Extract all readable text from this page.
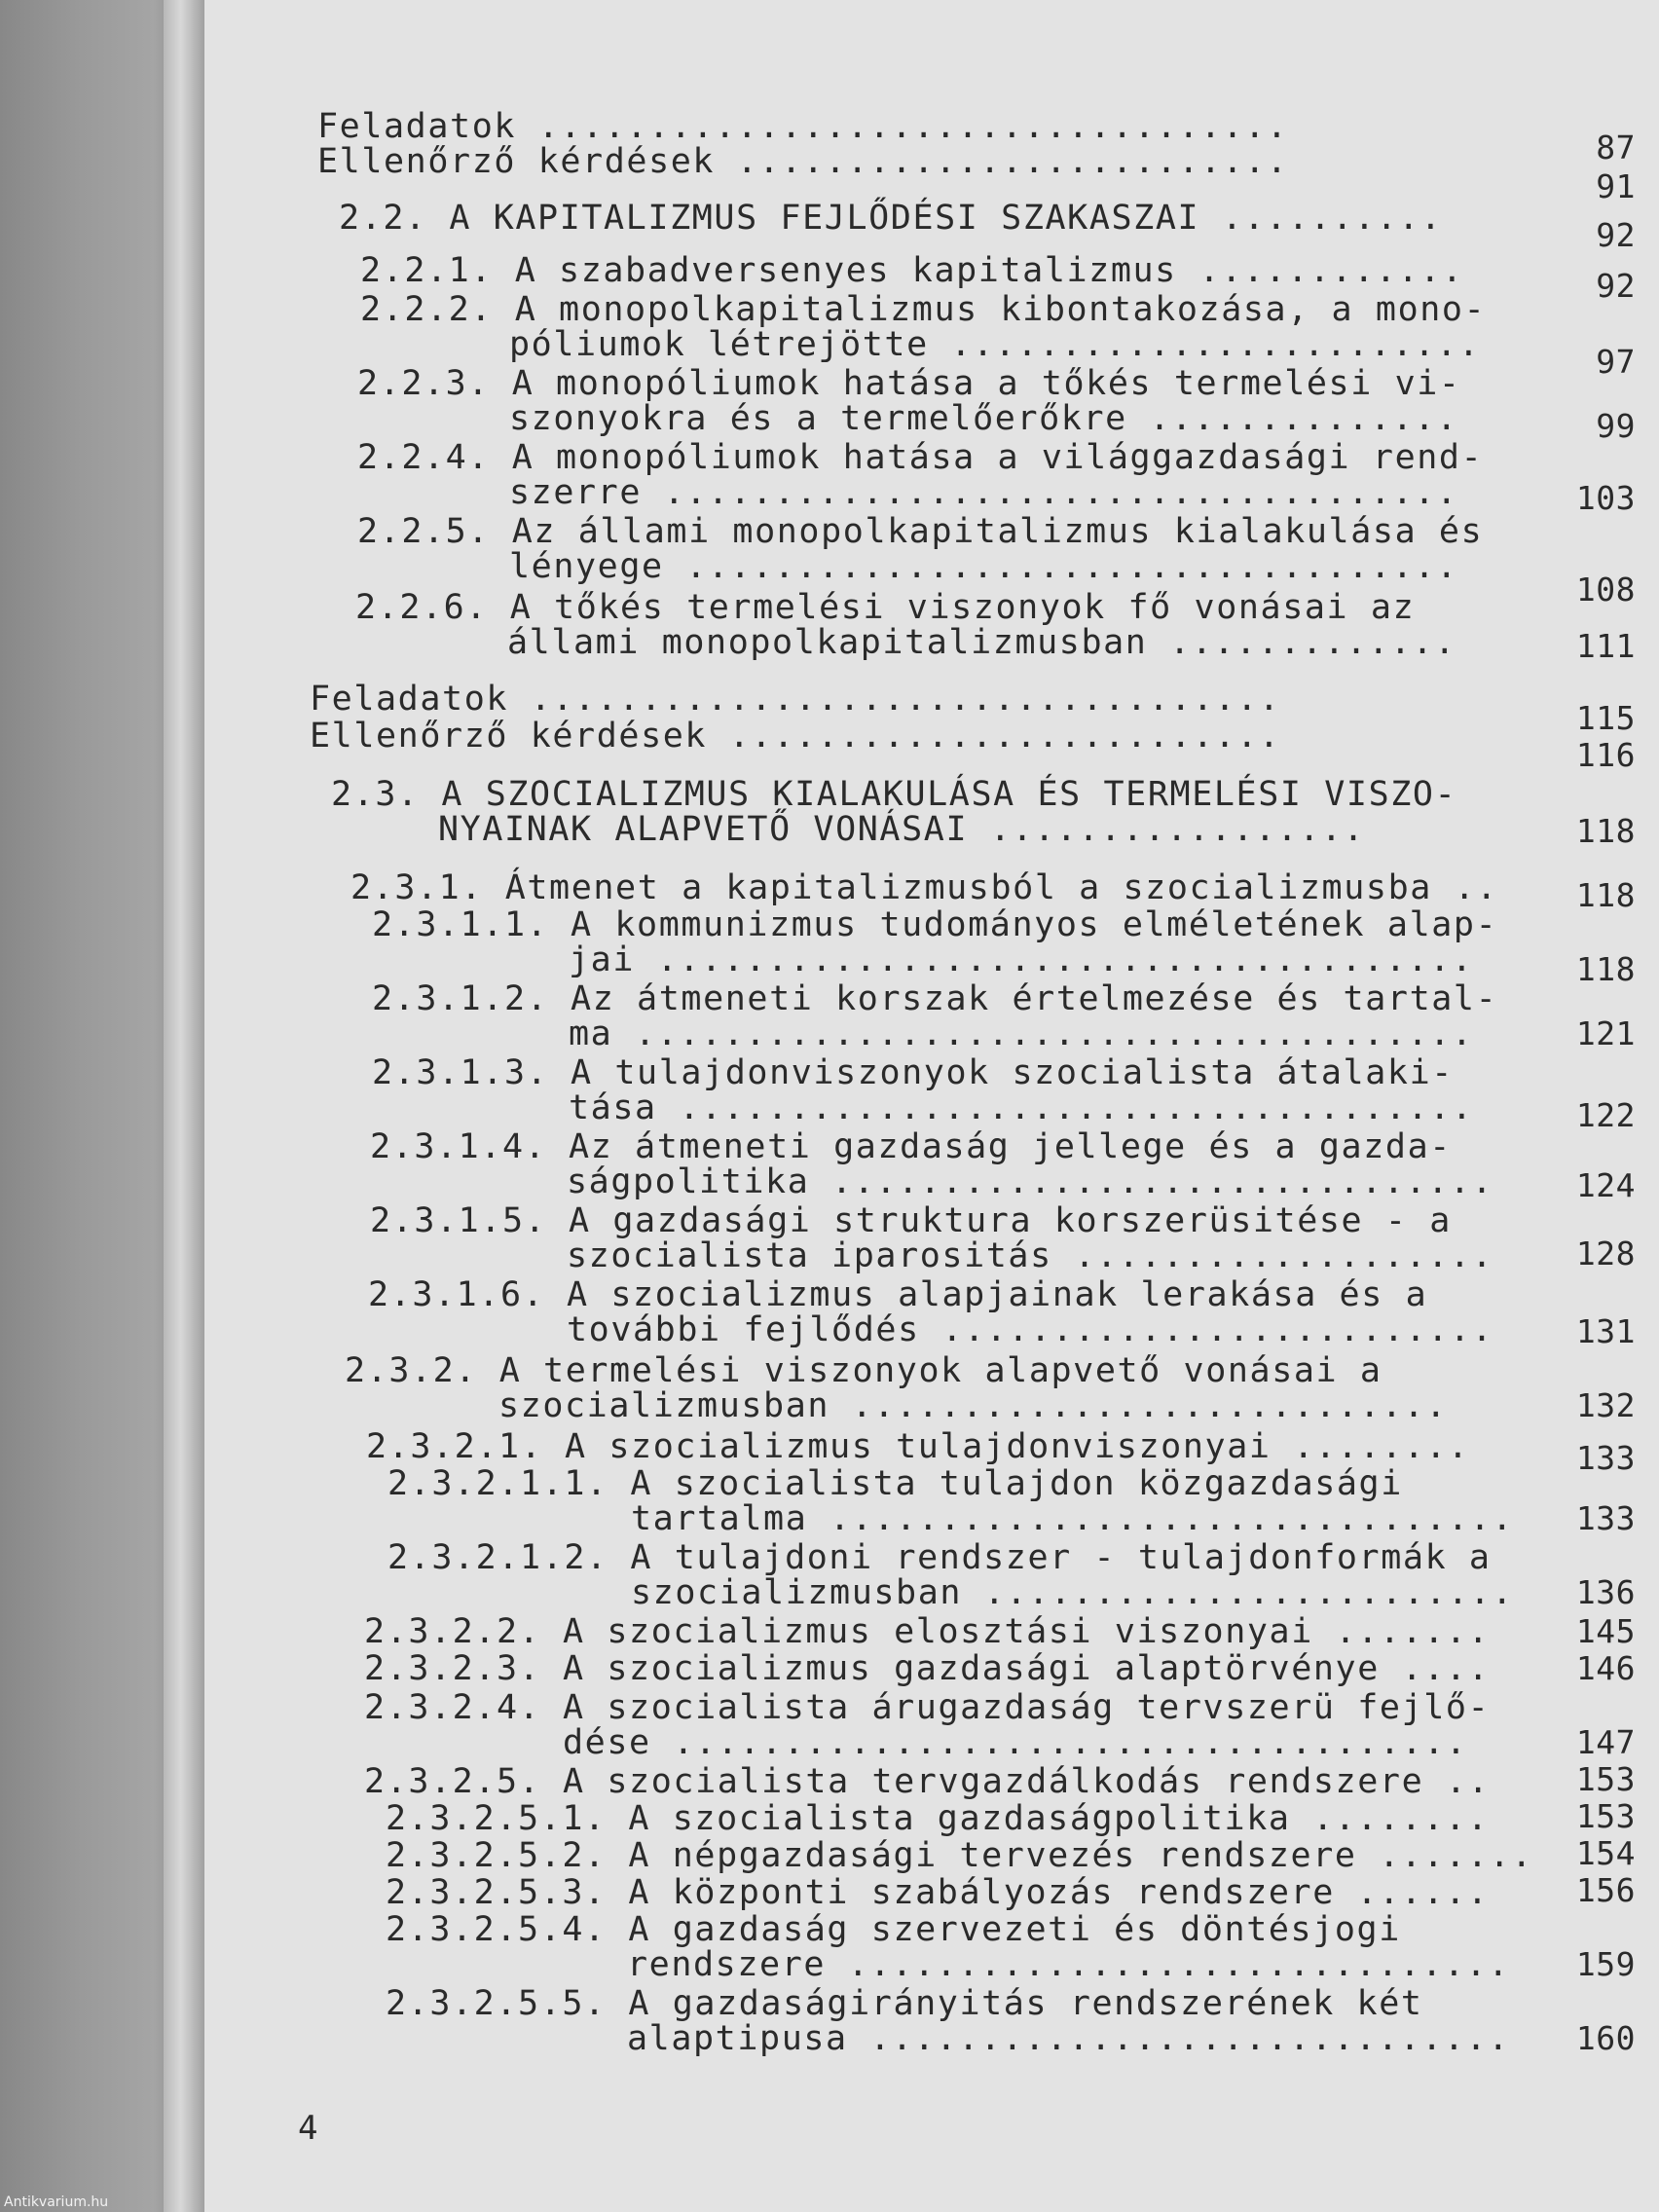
Feladatok ..................................
Ellenőrző kérdések .........................
2.2. A KAPITALIZMUS FEJLŐDÉSI SZAKASZAI ..........
2.2.1. A szabadversenyes kapitalizmus ............
2.2.2. A monopolkapitalizmus kibontakozása, a mono-
póliumok létrejötte ........................
2.2.3. A monopóliumok hatása a tőkés termelési vi-
szonyokra és a termelőerőkre ..............
2.2.4. A monopóliumok hatása a világgazdasági rend-
szerre ....................................
2.2.5. Az állami monopolkapitalizmus kialakulása és
lényege ...................................
2.2.6. A tőkés termelési viszonyok fő vonásai az
állami monopolkapitalizmusban .............
Feladatok ..................................
Ellenőrző kérdések .........................
2.3. A SZOCIALIZMUS KIALAKULÁSA ÉS TERMELÉSI VISZO-
NYAINAK ALAPVETŐ VONÁSAI .................
2.3.1. Átmenet a kapitalizmusból a szocializmusba ..
2.3.1.1. A kommunizmus tudományos elméletének alap-
jai .....................................
2.3.1.2. Az átmeneti korszak értelmezése és tartal-
ma ......................................
2.3.1.3. A tulajdonviszonyok szocialista átalaki-
tása ....................................
2.3.1.4. Az átmeneti gazdaság jellege és a gazda-
ságpolitika ..............................
2.3.1.5. A gazdasági struktura korszerüsitése - a
szocialista iparositás ...................
2.3.1.6. A szocializmus alapjainak lerakása és a
további fejlődés .........................
2.3.2. A termelési viszonyok alapvető vonásai a
szocializmusban ...........................
2.3.2.1. A szocializmus tulajdonviszonyai ........
2.3.2.1.1. A szocialista tulajdon közgazdasági
tartalma ...............................
2.3.2.1.2. A tulajdoni rendszer - tulajdonformák a
szocializmusban ........................
2.3.2.2. A szocializmus elosztási viszonyai .......
2.3.2.3. A szocializmus gazdasági alaptörvénye ....
2.3.2.4. A szocialista árugazdaság tervszerü fejlő-
dése ....................................
2.3.2.5. A szocialista tervgazdálkodás rendszere ..
2.3.2.5.1. A szocialista gazdaságpolitika ........
2.3.2.5.2. A népgazdasági tervezés rendszere .......
2.3.2.5.3. A központi szabályozás rendszere ......
2.3.2.5.4. A gazdaság szervezeti és döntésjogi
rendszere ..............................
2.3.2.5.5. A gazdaságirányitás rendszerének két
alaptipusa .............................
87
91
92
92
97
99
103
108
111
115
116
118
118
118
121
122
124
128
131
132
133
133
136
145
146
147
153
153
154
156
159
160
4
Antikvarium.hu
